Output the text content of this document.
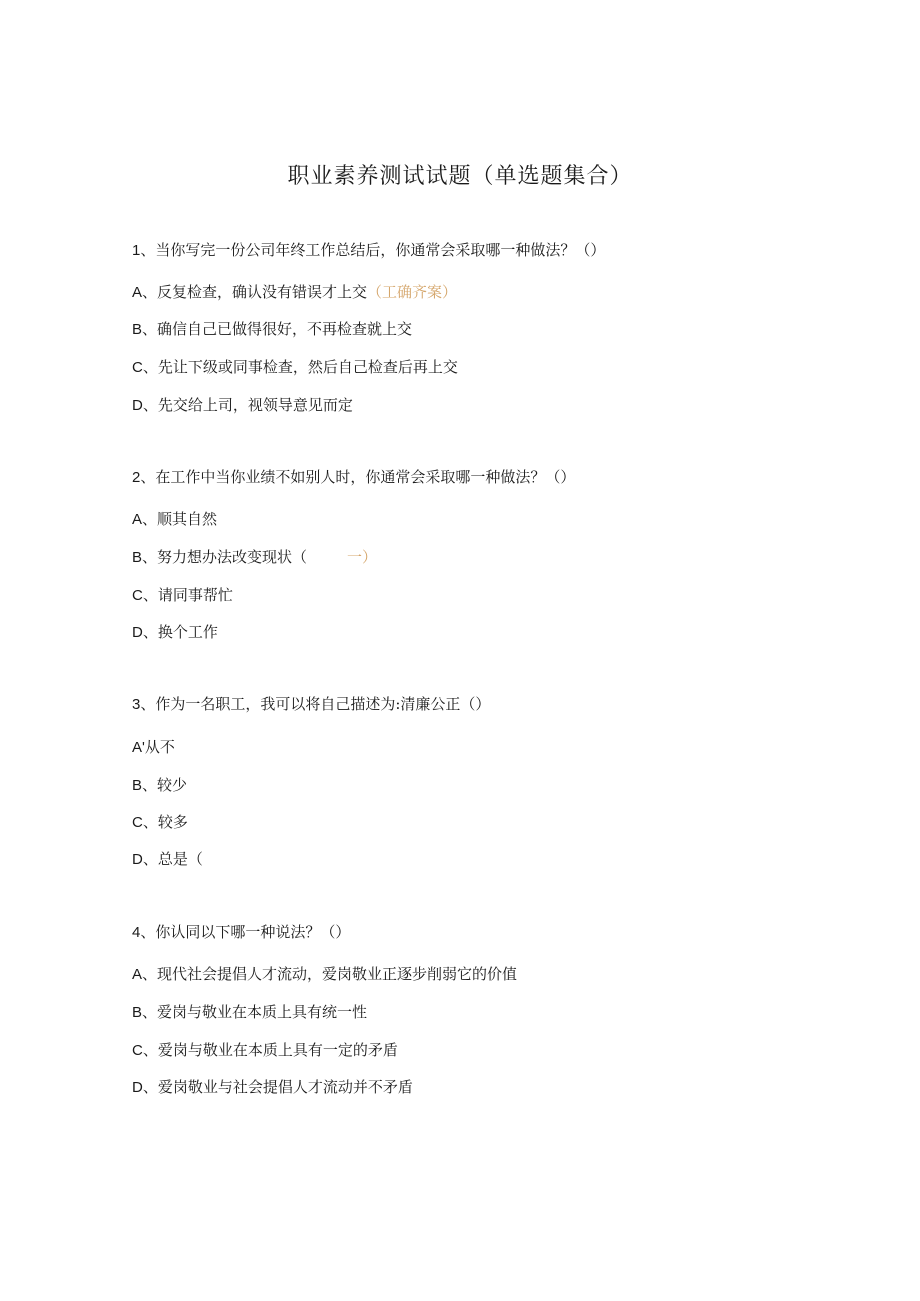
职业素养测试试题（单选题集合）
1、当你写完一份公司年终工作总结后，你通常会采取哪一种做法？（）
A、反复检查，确认没有错误才上交（工确齐案）
B、确信自己已做得很好，不再检查就上交
C、先让下级或同事检查，然后自己检查后再上交
D、先交给上司，视领导意见而定
2、在工作中当你业绩不如别人时，你通常会采取哪一种做法？（）
A、顺其自然
B、努力想办法改变现状（	一）
C、请同事帮忙
D、换个工作
3、作为一名职工，我可以将自己描述为:清廉公正（）
A'从不
B、较少
C、较多
D、总是（
4、你认同以下哪一种说法？（）
A、现代社会提倡人才流动，爱岗敬业正逐步削弱它的价值
B、爱岗与敬业在本质上具有统一性
C、爱岗与敬业在本质上具有一定的矛盾
D、爱岗敬业与社会提倡人才流动并不矛盾
